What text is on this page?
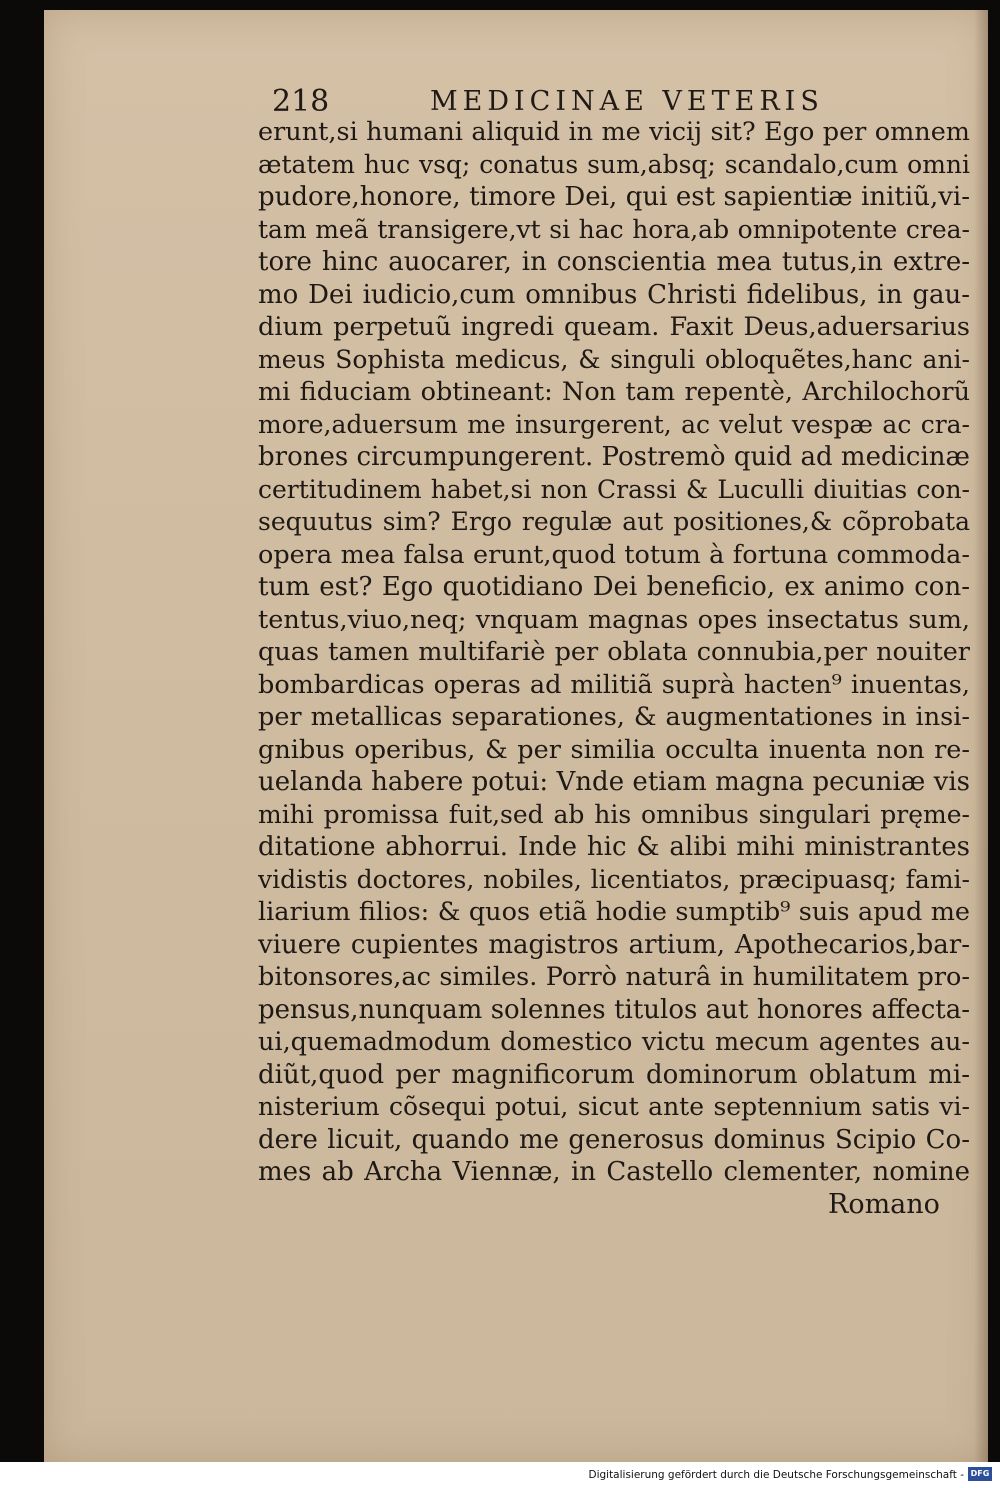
218	MEDICINAE VETERIS
erunt,si humani aliquid in me vicij sit? Ego per omnem
ætatem huc vsq; conatus sum,absq; scandalo,cum omni
pudore,honore, timore Dei, qui est sapientiæ initiũ,vi-
tam meã transigere,vt si hac hora,ab omnipotente crea-
tore hinc auocarer, in conscientia mea tutus,in extre-
mo Dei iudicio,cum omnibus Christi fidelibus, in gau-
dium perpetuũ ingredi queam. Faxit Deus,aduersarius
meus Sophista medicus, & singuli obloquẽtes,hanc ani-
mi fiduciam obtineant: Non tam repentè, Archilochorũ
more,aduersum me insurgerent, ac velut vespæ ac cra-
brones circumpungerent. Postremò quid ad medicinæ
certitudinem habet,si non Crassi & Luculli diuitias con-
sequutus sim? Ergo regulæ aut positiones,& cõprobata
opera mea falsa erunt,quod totum à fortuna commoda-
tum est? Ego quotidiano Dei beneficio, ex animo con-
tentus,viuo,neq; vnquam magnas opes insectatus sum,
quas tamen multifariè per oblata connubia,per nouiter
bombardicas operas ad militiã suprà hacten⁹ inuentas,
per metallicas separationes, & augmentationes in insi-
gnibus operibus, & per similia occulta inuenta non re-
uelanda habere potui: Vnde etiam magna pecuniæ vis
mihi promissa fuit,sed ab his omnibus singulari pręme-
ditatione abhorrui. Inde hic & alibi mihi ministrantes
vidistis doctores, nobiles, licentiatos, præcipuasq; fami-
liarium filios: & quos etiã hodie sumptib⁹ suis apud me
viuere cupientes magistros artium, Apothecarios,bar-
bitonsores,ac similes. Porrò naturâ in humilitatem pro-
pensus,nunquam solennes titulos aut honores affecta-
ui,quemadmodum domestico victu mecum agentes au-
diũt,quod per magnificorum dominorum oblatum mi-
nisterium cõsequi potui, sicut ante septennium satis vi-
dere licuit, quando me generosus dominus Scipio Co-
mes ab Archa Viennæ, in Castello clementer, nomine
Romano
Digitalisierung gefördert durch die Deutsche Forschungsgemeinschaft - DFG
